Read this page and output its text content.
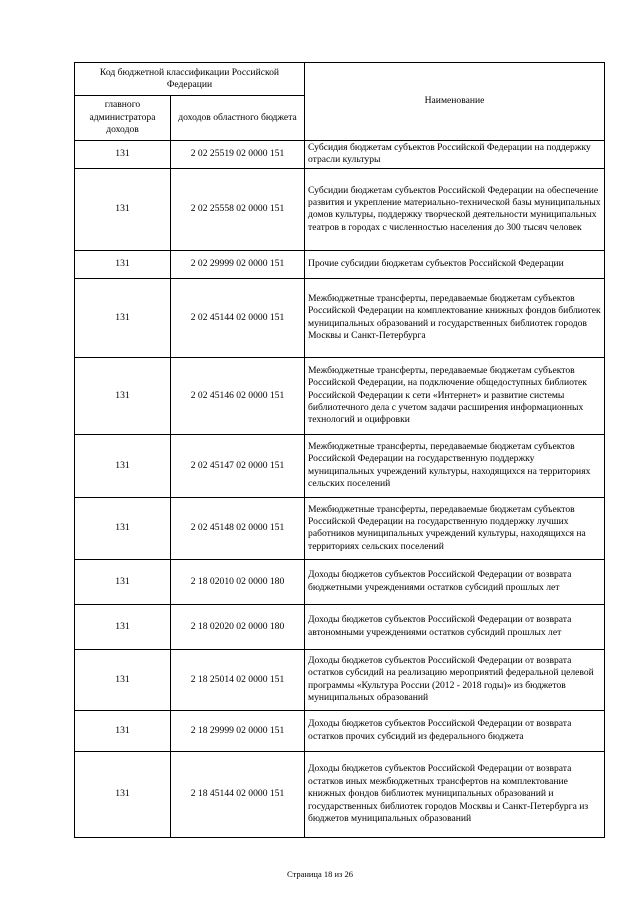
Код бюджетной классификации Российской Федерации		Наименование
главного администратора доходов	доходов областного бюджета	
131	2 02 25519 02 0000 151	Субсидия бюджетам субъектов Российской Федерации на поддержку отрасли культуры
131	2 02 25558 02 0000 151	Субсидии бюджетам субъектов Российской Федерации на обеспечение развития и укрепление материально-технической базы муниципальных домов культуры, поддержку творческой деятельности муниципальных театров в городах с численностью населения до 300 тысяч человек
131	2 02 29999 02 0000 151	Прочие субсидии бюджетам субъектов Российской Федерации
131	2 02 45144 02 0000 151	Межбюджетные трансферты, передаваемые бюджетам субъектов Российской Федерации на комплектование книжных фондов библиотек муниципальных образований и государственных библиотек городов Москвы и Санкт-Петербурга
131	2 02 45146 02 0000 151	Межбюджетные трансферты, передаваемые бюджетам субъектов Российской Федерации, на подключение общедоступных библиотек Российской Федерации к сети «Интернет» и развитие системы библиотечного дела с учетом задачи расширения информационных технологий и оцифровки
131	2 02 45147 02 0000 151	Межбюджетные трансферты, передаваемые бюджетам субъектов Российской Федерации на государственную поддержку муниципальных учреждений культуры, находящихся на территориях сельских поселений
131	2 02 45148 02 0000 151	Межбюджетные трансферты, передаваемые бюджетам субъектов Российской Федерации на государственную поддержку лучших работников муниципальных учреждений культуры, находящихся на территориях сельских поселений
131	2 18 02010 02 0000 180	Доходы бюджетов субъектов Российской Федерации от возврата бюджетными учреждениями остатков субсидий прошлых лет
131	2 18 02020 02 0000 180	Доходы бюджетов субъектов Российской Федерации от возврата автономными учреждениями остатков субсидий прошлых лет
131	2 18 25014 02 0000 151	Доходы бюджетов субъектов Российской Федерации от возврата остатков субсидий на реализацию мероприятий федеральной целевой программы «Культура России (2012 - 2018 годы)» из бюджетов муниципальных образований
131	2 18 29999 02 0000 151	Доходы бюджетов субъектов Российской Федерации от возврата остатков прочих субсидий из федерального бюджета
131	2 18 45144 02 0000 151	Доходы бюджетов субъектов Российской Федерации от возврата остатков иных межбюджетных трансфертов на комплектование книжных фондов библиотек муниципальных образований и государственных библиотек городов Москвы и Санкт-Петербурга из бюджетов муниципальных образований
Страница 18 из 26
